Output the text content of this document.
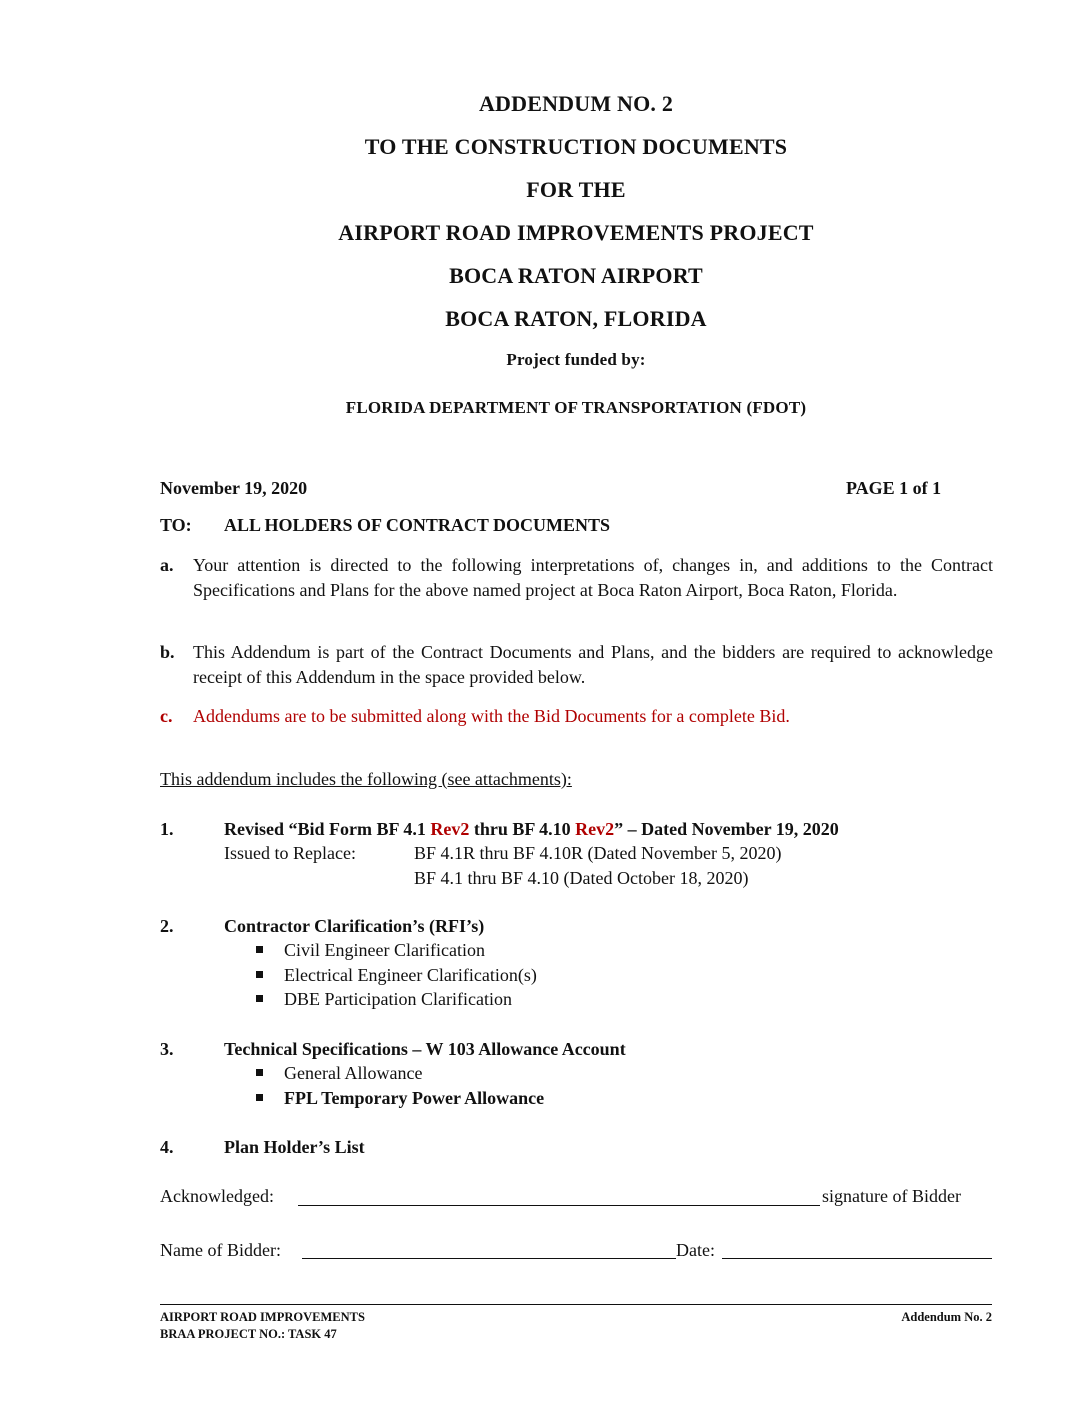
ADDENDUM NO. 2
TO THE CONSTRUCTION DOCUMENTS
FOR THE
AIRPORT ROAD IMPROVEMENTS PROJECT
BOCA RATON AIRPORT
BOCA RATON, FLORIDA
Project funded by:
FLORIDA DEPARTMENT OF TRANSPORTATION (FDOT)
November 19, 2020	PAGE 1 of 1
TO: ALL HOLDERS OF CONTRACT DOCUMENTS
a. Your attention is directed to the following interpretations of, changes in, and additions to the Contract Specifications and Plans for the above named project at Boca Raton Airport, Boca Raton, Florida.
b. This Addendum is part of the Contract Documents and Plans, and the bidders are required to acknowledge receipt of this Addendum in the space provided below.
c. Addendums are to be submitted along with the Bid Documents for a complete Bid.
This addendum includes the following (see attachments):
1.	Revised “Bid Form BF 4.1 Rev2 thru BF 4.10 Rev2” – Dated November 19, 2020
Issued to Replace:	BF 4.1R thru BF 4.10R (Dated November 5, 2020)
BF 4.1 thru BF 4.10 (Dated October 18, 2020)
2.	Contractor Clarification’s (RFI’s)
Civil Engineer Clarification
Electrical Engineer Clarification(s)
DBE Participation Clarification
3.	Technical Specifications – W 103 Allowance Account
General Allowance
FPL Temporary Power Allowance
4.	Plan Holder’s List
Acknowledged:	signature of Bidder
Name of Bidder:	Date:
AIRPORT ROAD IMPROVEMENTS
BRAA PROJECT NO.: TASK 47
Addendum No. 2
